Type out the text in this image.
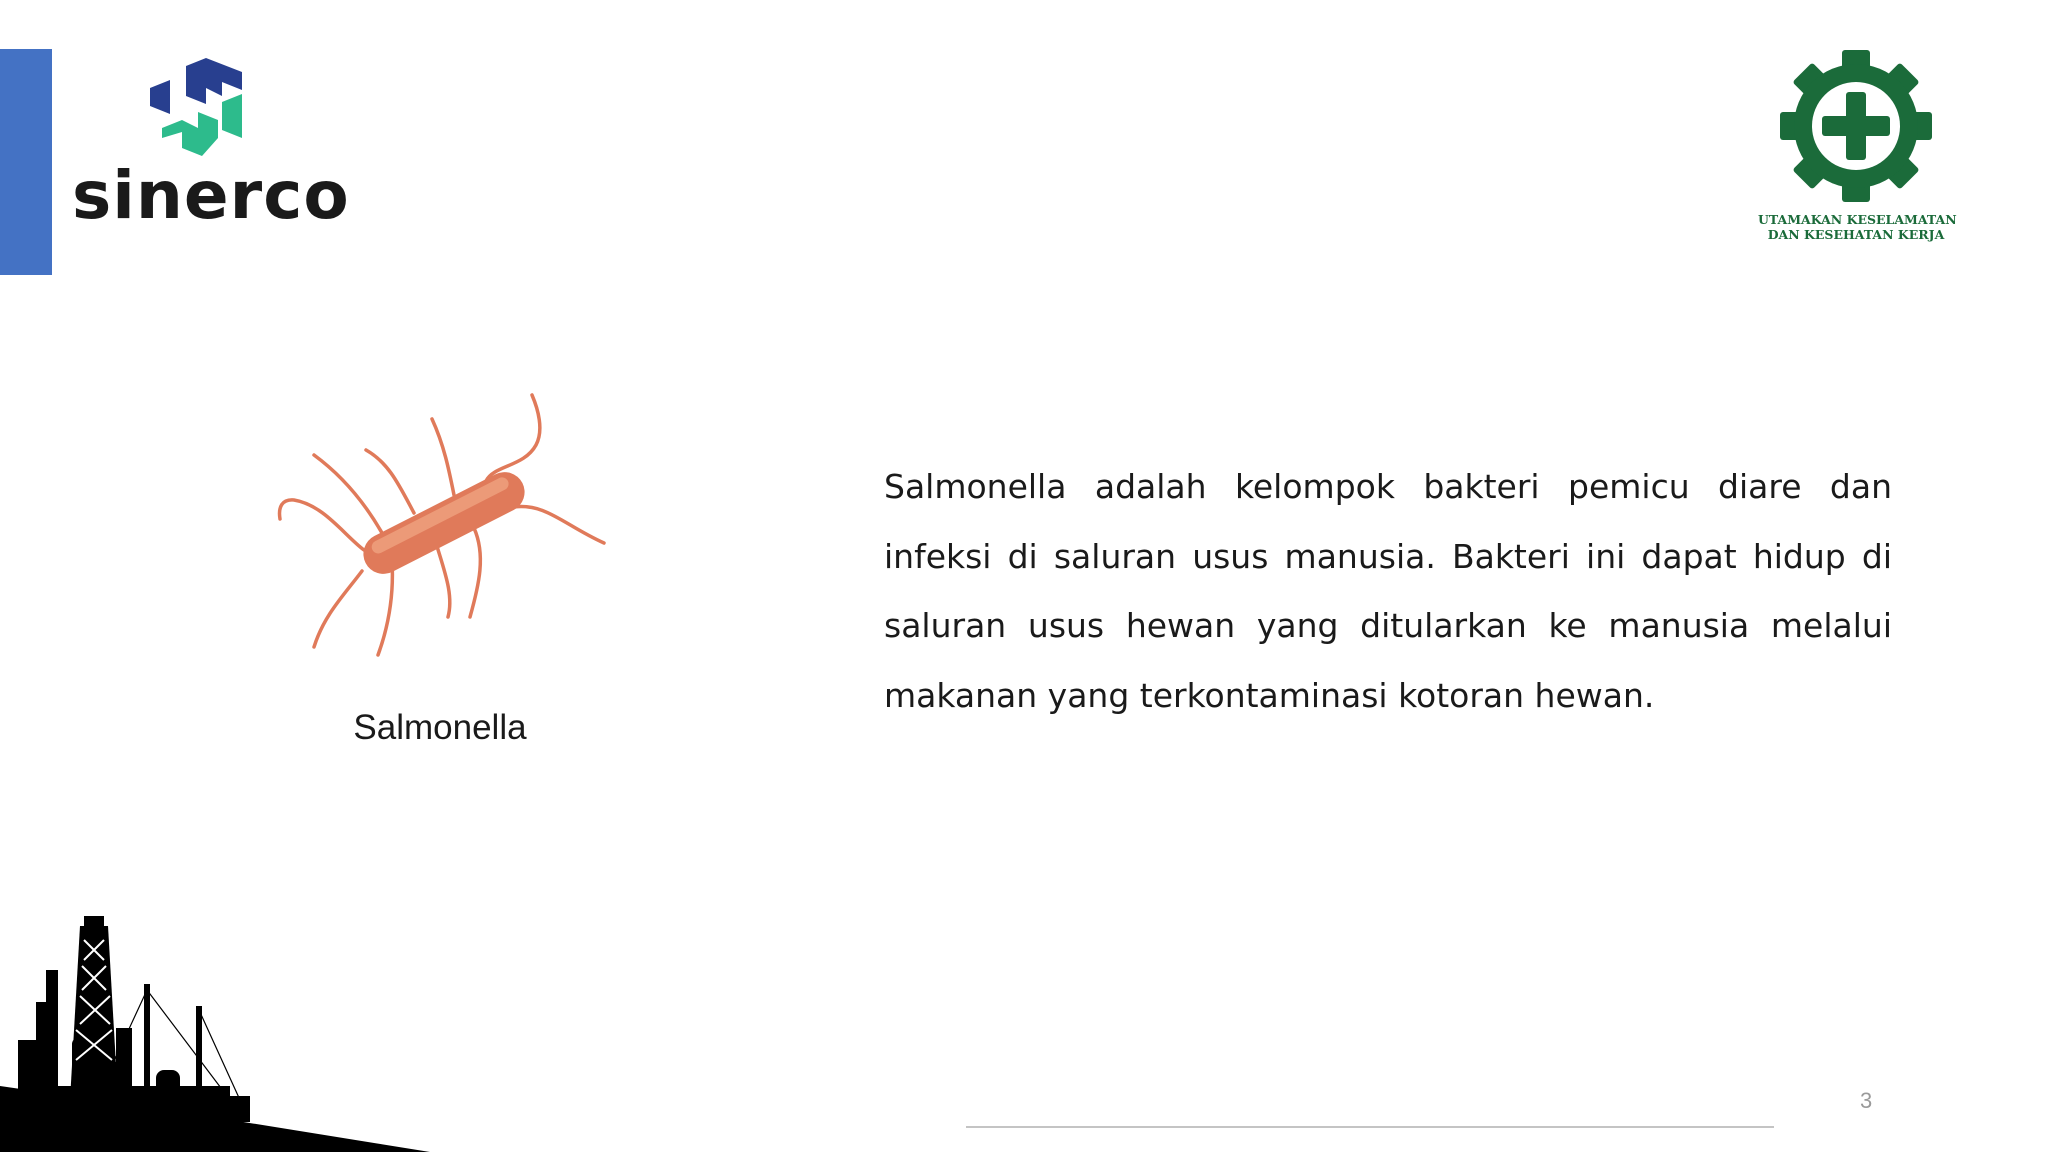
sinerco	UTAMAKAN KESELAMATAN
DAN KESEHATAN KERJA
Salmonella

Salmonella adalah kelompok bakteri pemicu diare dan infeksi di saluran usus manusia. Bakteri ini dapat hidup di saluran usus hewan yang ditularkan ke manusia melalui makanan yang terkontaminasi kotoran hewan.

3
